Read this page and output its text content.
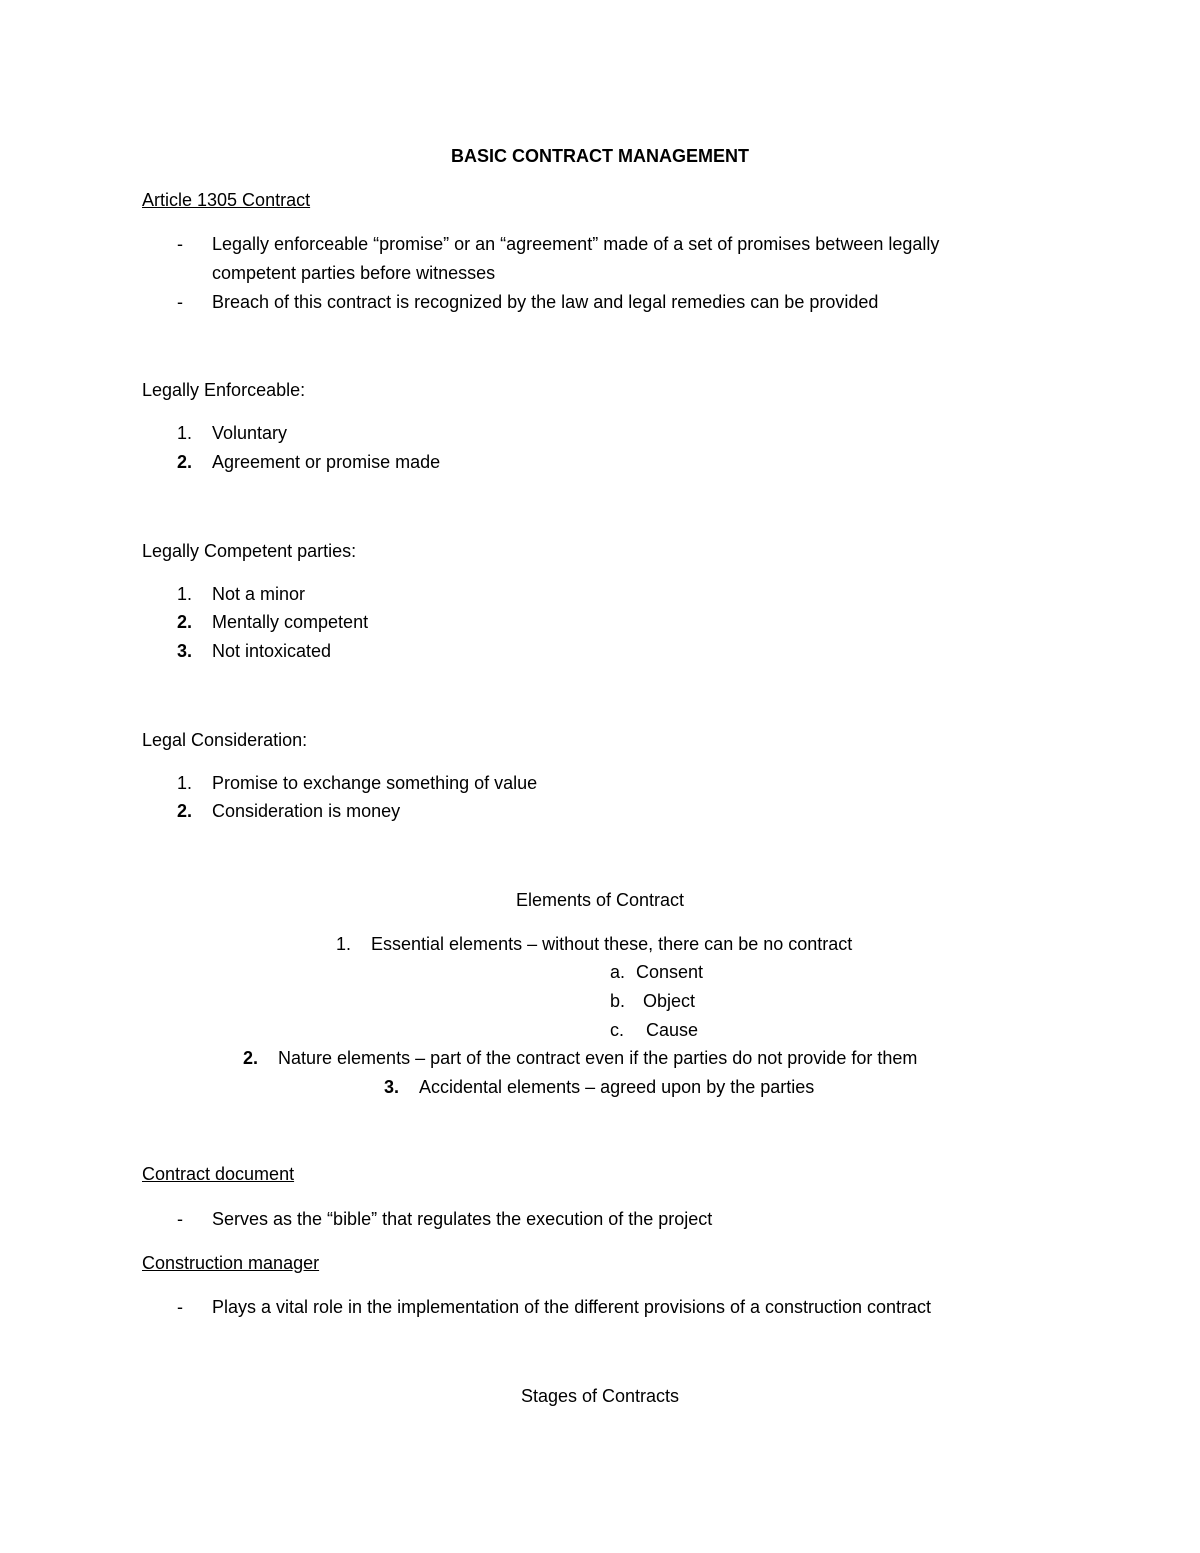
BASIC CONTRACT MANAGEMENT
Article 1305 Contract
- Legally enforceable “promise” or an “agreement” made of a set of promises between legally
competent parties before witnesses
- Breach of this contract is recognized by the law and legal remedies can be provided
Legally Enforceable:
1. Voluntary
2. Agreement or promise made
Legally Competent parties:
1. Not a minor
2. Mentally competent
3. Not intoxicated
Legal Consideration:
1. Promise to exchange something of value
2. Consideration is money
Elements of Contract
1. Essential elements – without these, there can be no contract
a. Consent
b. Object
c. Cause
2. Nature elements – part of the contract even if the parties do not provide for them
3. Accidental elements – agreed upon by the parties
Contract document
- Serves as the “bible” that regulates the execution of the project
Construction manager
- Plays a vital role in the implementation of the different provisions of a construction contract
Stages of Contracts
